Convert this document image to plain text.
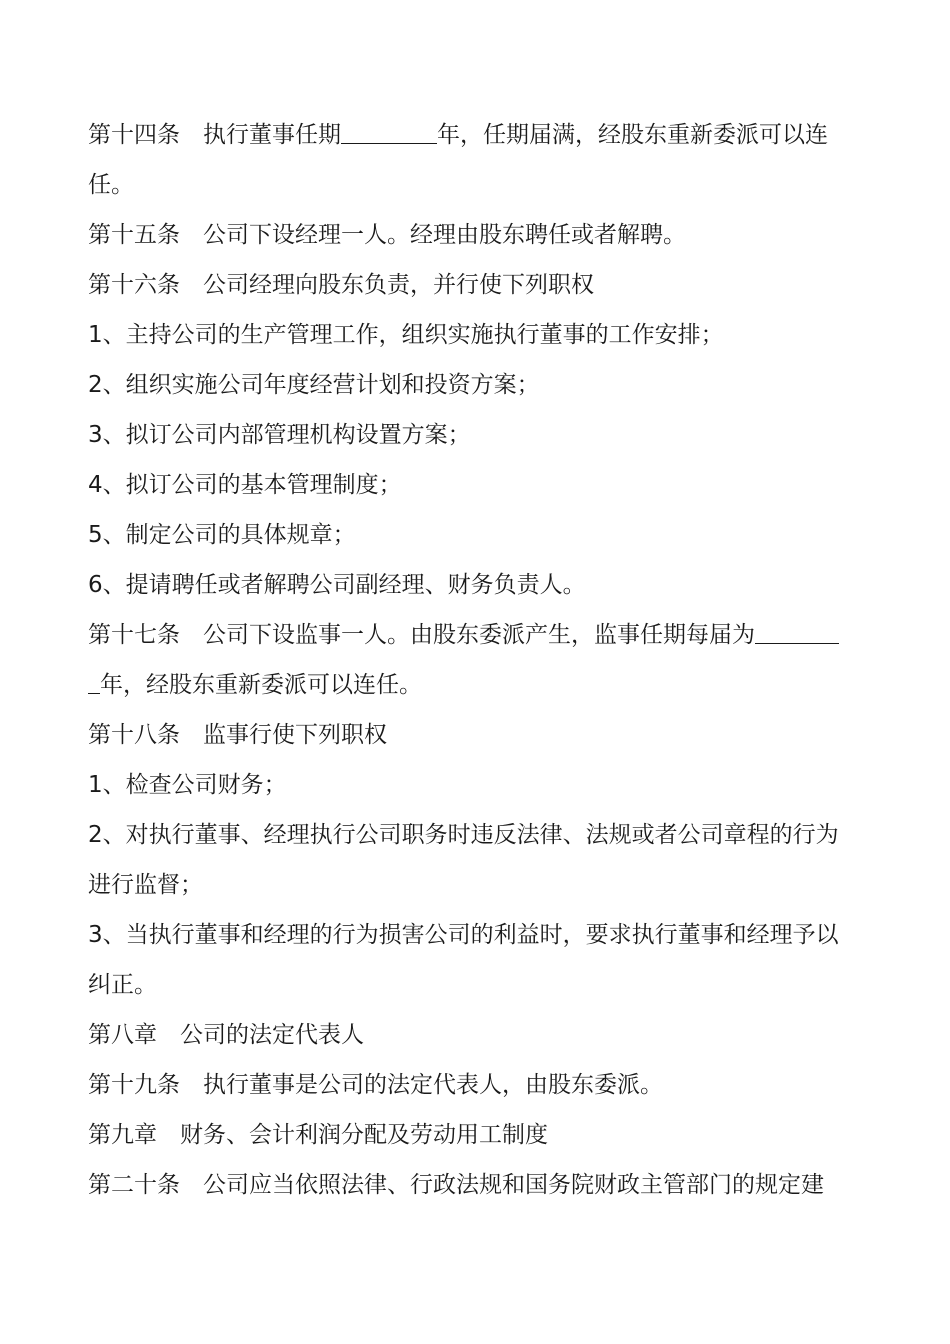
第十四条　执行董事任期	年，任期届满，经股东重新委派可以连
任。
第十五条　公司下设经理一人。经理由股东聘任或者解聘。
第十六条　公司经理向股东负责，并行使下列职权
1、主持公司的生产管理工作，组织实施执行董事的工作安排；
2、组织实施公司年度经营计划和投资方案；
3、拟订公司内部管理机构设置方案；
4、拟订公司的基本管理制度；
5、制定公司的具体规章；
6、提请聘任或者解聘公司副经理、财务负责人。
第十七条　公司下设监事一人。由股东委派产生，监事任期每届为
年，经股东重新委派可以连任。
第十八条　监事行使下列职权
1、检查公司财务；
2、对执行董事、经理执行公司职务时违反法律、法规或者公司章程的行为
进行监督；
3、当执行董事和经理的行为损害公司的利益时，要求执行董事和经理予以
纠正。
第八章　公司的法定代表人
第十九条　执行董事是公司的法定代表人，由股东委派。
第九章　财务、会计利润分配及劳动用工制度
第二十条　公司应当依照法律、行政法规和国务院财政主管部门的规定建
